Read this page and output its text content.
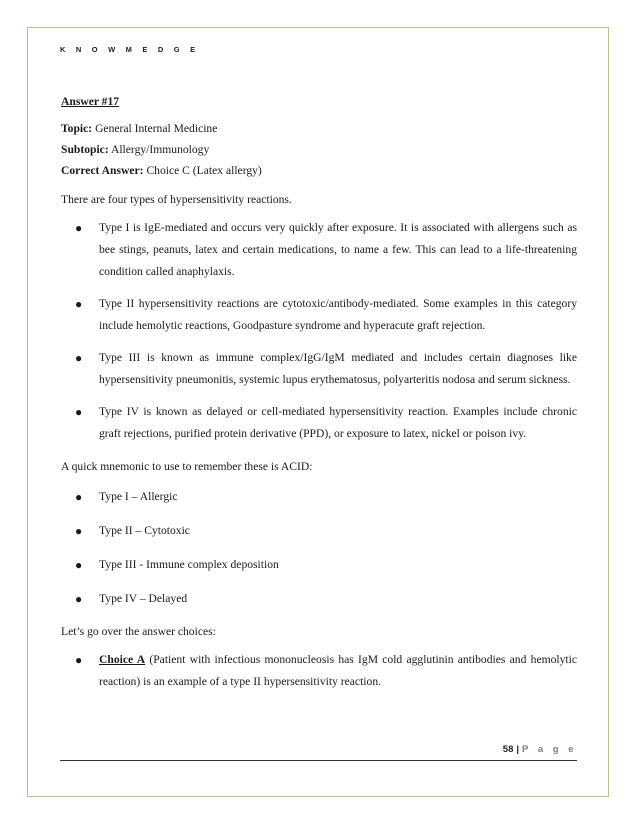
K N O W M E D G E
Answer #17
Topic: General Internal Medicine
Subtopic: Allergy/Immunology
Correct Answer: Choice C (Latex allergy)
There are four types of hypersensitivity reactions.
● Type I is IgE-mediated and occurs very quickly after exposure. It is associated with allergens such as bee stings, peanuts, latex and certain medications, to name a few. This can lead to a life-threatening condition called anaphylaxis.
● Type II hypersensitivity reactions are cytotoxic/antibody-mediated. Some examples in this category include hemolytic reactions, Goodpasture syndrome and hyperacute graft rejection.
● Type III is known as immune complex/IgG/IgM mediated and includes certain diagnoses like hypersensitivity pneumonitis, systemic lupus erythematosus, polyarteritis nodosa and serum sickness.
● Type IV is known as delayed or cell-mediated hypersensitivity reaction. Examples include chronic graft rejections, purified protein derivative (PPD), or exposure to latex, nickel or poison ivy.
A quick mnemonic to use to remember these is ACID:
● Type I – Allergic
● Type II – Cytotoxic
● Type III - Immune complex deposition
● Type IV – Delayed
Let’s go over the answer choices:
● Choice A (Patient with infectious mononucleosis has IgM cold agglutinin antibodies and hemolytic reaction) is an example of a type II hypersensitivity reaction.
58 | P a g e
